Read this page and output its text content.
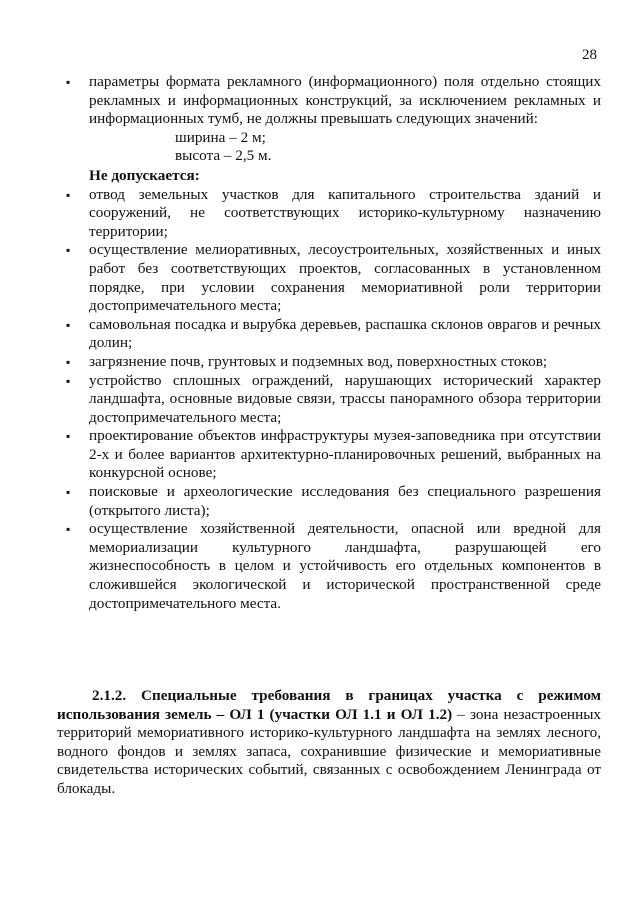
28
▪ параметры формата рекламного (информационного) поля отдельно стоящих рекламных и информационных конструкций, за исключением рекламных и информационных тумб, не должны превышать следующих значений:
ширина – 2 м;
высота – 2,5 м.
Не допускается:
▪ отвод земельных участков для капитального строительства зданий и сооружений, не соответствующих историко-культурному назначению территории;
▪ осуществление мелиоративных, лесоустроительных, хозяйственных и иных работ без соответствующих проектов, согласованных в установленном порядке, при условии сохранения мемориативной роли территории достопримечательного места;
▪ самовольная посадка и вырубка деревьев, распашка склонов оврагов и речных долин;
▪ загрязнение почв, грунтовых и подземных вод, поверхностных стоков;
▪ устройство сплошных ограждений, нарушающих исторический характер ландшафта, основные видовые связи, трассы панорамного обзора территории достопримечательного места;
▪ проектирование объектов инфраструктуры музея-заповедника при отсутствии 2-х и более вариантов архитектурно-планировочных решений, выбранных на конкурсной основе;
▪ поисковые и археологические исследования без специального разрешения (открытого листа);
▪ осуществление хозяйственной деятельности, опасной или вредной для мемориализации культурного ландшафта, разрушающей его жизнеспособность в целом и устойчивость его отдельных компонентов в сложившейся экологической и исторической пространственной среде достопримечательного места.
2.1.2. Специальные требования в границах участка с режимом использования земель – ОЛ 1 (участки ОЛ 1.1 и ОЛ 1.2) – зона незастроенных территорий мемориативного историко-культурного ландшафта на землях лесного, водного фондов и землях запаса, сохранившие физические и мемориативные свидетельства исторических событий, связанных с освобождением Ленинграда от блокады.
